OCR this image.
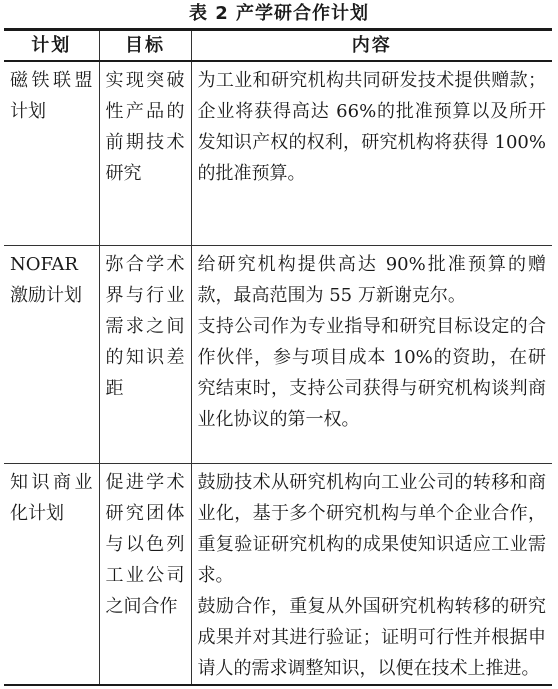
表 2 产学研合作计划
计划	目标	内容
磁铁联盟计划	实现突破性产品的前期技术研究	为工业和研究机构共同研发技术提供赠款；企业将获得高达 66%的批准预算以及所开发知识产权的权利，研究机构将获得 100%的批准预算。

NOFAR激励计划	弥合学术界与行业需求之间的知识差距	给研究机构提供高达 90%批准预算的赠款，最高范围为 55 万新谢克尔。
支持公司作为专业指导和研究目标设定的合作伙伴，参与项目成本 10%的资助，在研究结束时，支持公司获得与研究机构谈判商业化协议的第一权。

知识商业化计划	促进学术研究团体与以色列工业公司之间合作	鼓励技术从研究机构向工业公司的转移和商业化，基于多个研究机构与单个企业合作，重复验证研究机构的成果使知识适应工业需求。
鼓励合作，重复从外国研究机构转移的研究成果并对其进行验证；证明可行性并根据申请人的需求调整知识，以便在技术上推进。
